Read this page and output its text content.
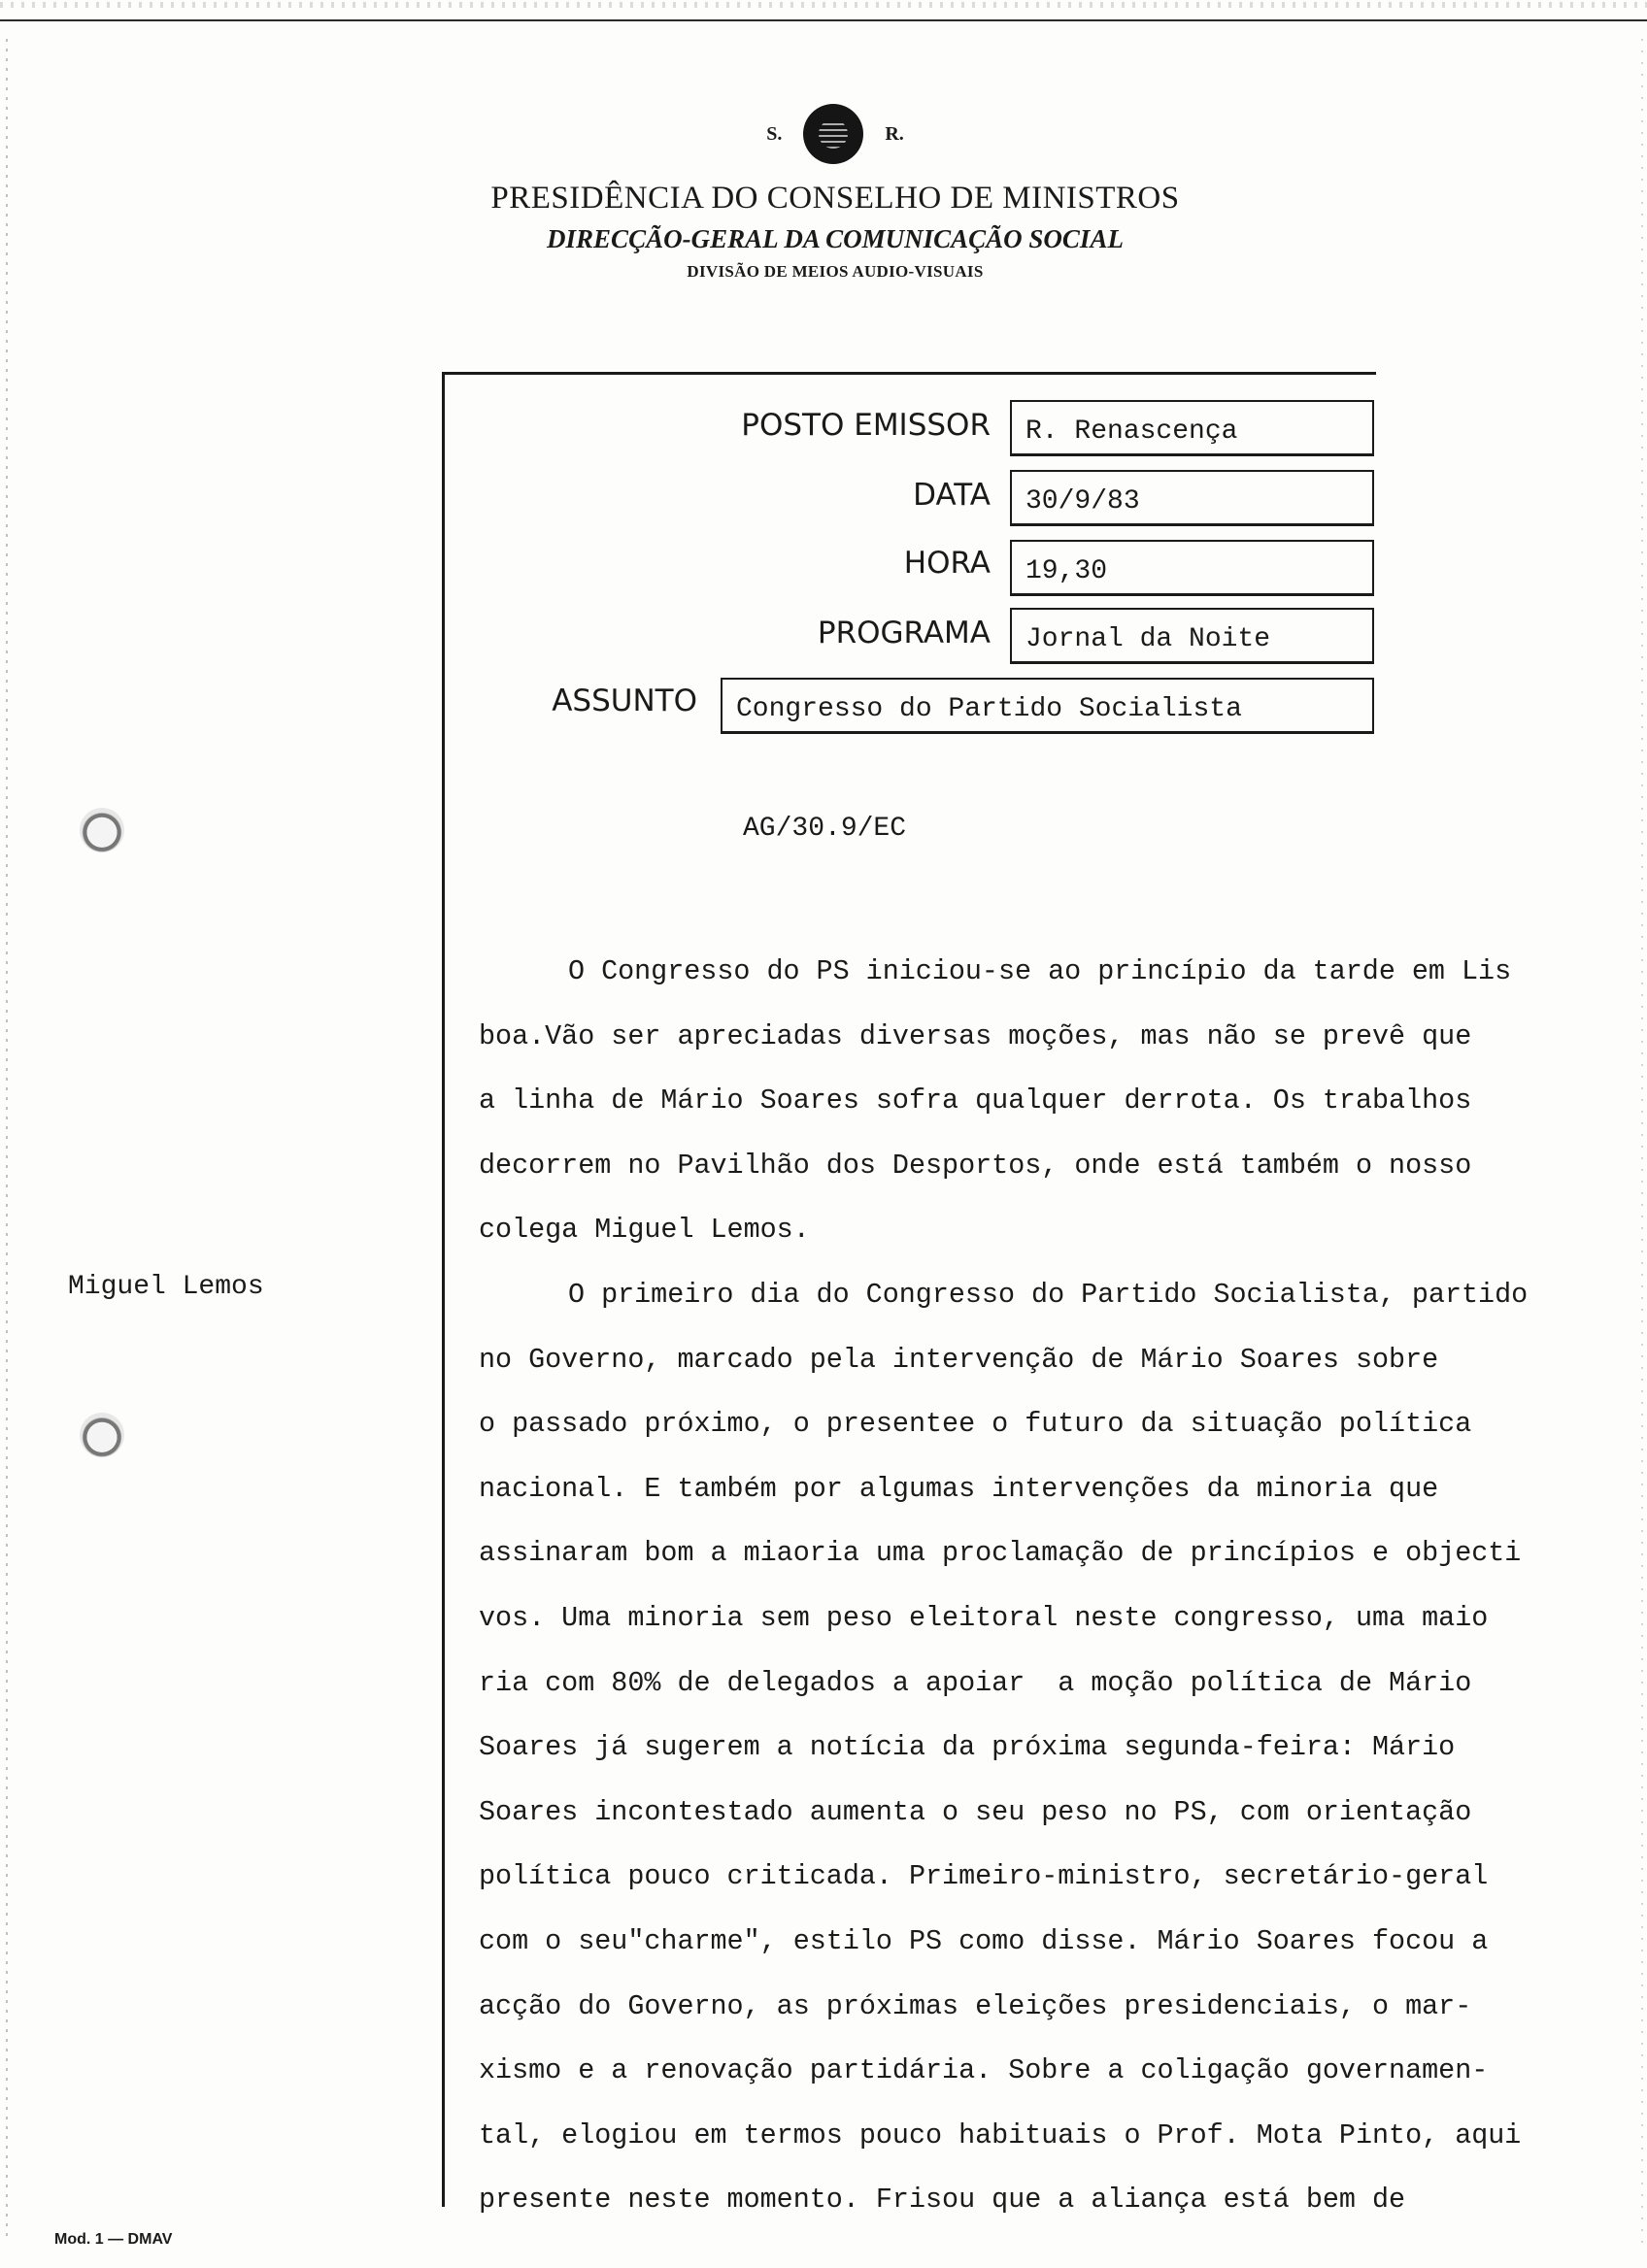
S.	R.
PRESIDÊNCIA DO CONSELHO DE MINISTROS
DIRECÇÃO-GERAL DA COMUNICAÇÃO SOCIAL
DIVISÃO DE MEIOS AUDIO-VISUAIS
POSTO EMISSOR	R. Renascença
DATA	30/9/83
HORA	19,30
PROGRAMA	Jornal da Noite
ASSUNTO	Congresso do Partido Socialista
AG/30.9/EC
Miguel Lemos
O Congresso do PS iniciou-se ao princípio da tarde em Lis
boa.Vão ser apreciadas diversas moções, mas não se prevê que
a linha de Mário Soares sofra qualquer derrota. Os trabalhos
decorrem no Pavilhão dos Desportos, onde está também o nosso
colega Miguel Lemos.
O primeiro dia do Congresso do Partido Socialista, partido
no Governo, marcado pela intervenção de Mário Soares sobre
o passado próximo, o presentee o futuro da situação política
nacional. E também por algumas intervenções da minoria que
assinaram bom a miaoria uma proclamação de princípios e objecti
vos. Uma minoria sem peso eleitoral neste congresso, uma maio
ria com 80% de delegados a apoiar  a moção política de Mário
Soares já sugerem a notícia da próxima segunda-feira: Mário
Soares incontestado aumenta o seu peso no PS, com orientação
política pouco criticada. Primeiro-ministro, secretário-geral
com o seu"charme", estilo PS como disse. Mário Soares focou a
acção do Governo, as próximas eleições presidenciais, o mar-
xismo e a renovação partidária. Sobre a coligação governamen-
tal, elogiou em termos pouco habituais o Prof. Mota Pinto, aqui
presente neste momento. Frisou que a aliança está bem de
Mod. 1 — DMAV
